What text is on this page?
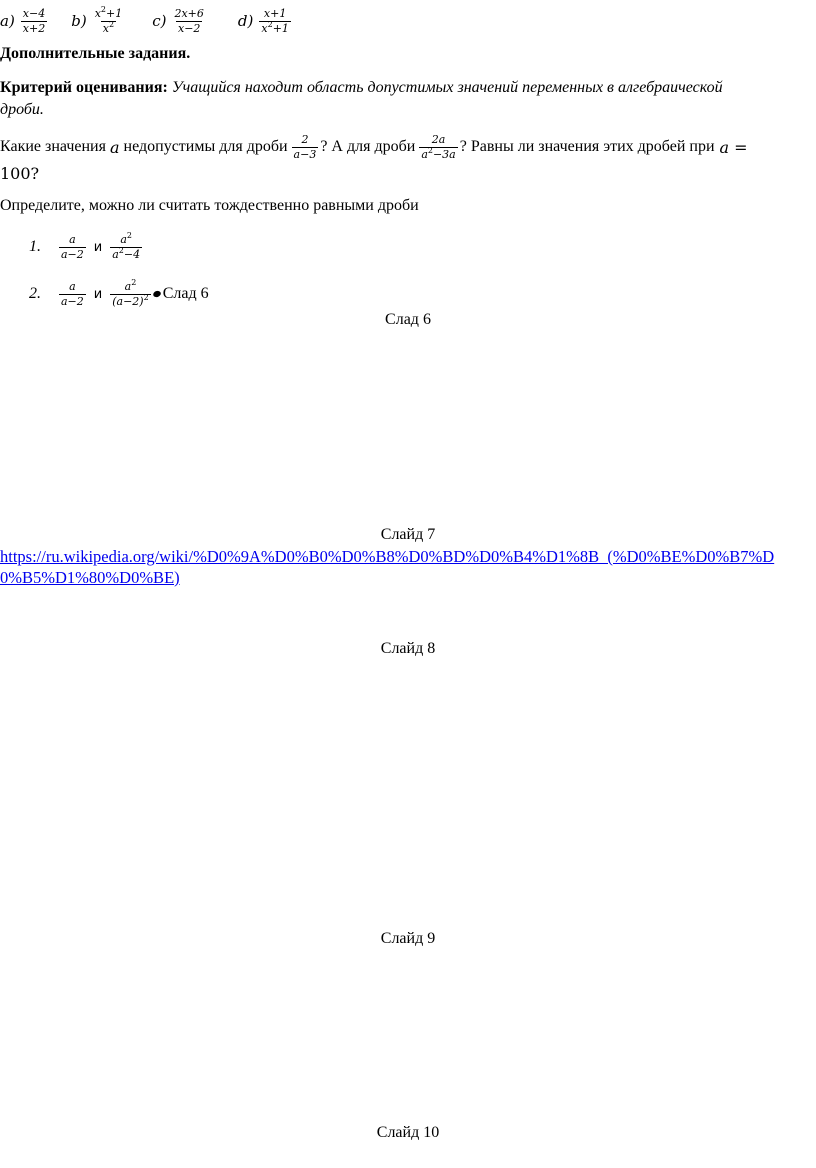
$a) \frac{x-4}{x+2} b) \frac{x^2+1}{x^2} c) \frac{2x+6}{x-2} d) \frac{x+1}{x^2+1}$
Дополнительные задания.
Критерий оценивания: Учащийся находит область допустимых значений переменных в алгебраической
дроби.
Какие значения a недопустимы для дроби $\frac{2}{a-3}$ ? А для дроби $\frac{2a}{a^2-3a}$ ? Равны ли значения этих дробей при a =
100?
Определите, можно ли считать тождественно равными дроби
1.	$\frac{a}{a-2}$ и $\frac{a^2}{a^2-4}$
2.	$\frac{a}{a-2}$ и $\frac{a^2}{(a-2)^2}$ Слад 6
Слад 6
Слайд 7
https://ru.wikipedia.org/wiki/%D0%9A%D0%B0%D0%B8%D0%BD%D0%B4%D1%8B_(%D0%BE%D0%B7%D
0%B5%D1%80%D0%BE)
Слайд 8
Слайд 9
Слайд 10
